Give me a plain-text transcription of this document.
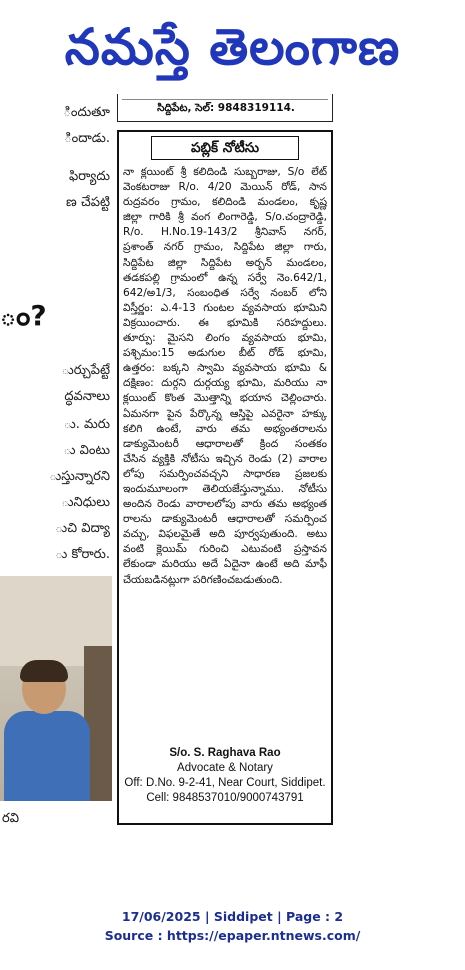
నమస్తే తెలంగాణ
ిందుతూ
ిందాడు.
ఫిర్యాదు
ణ చేపట్టి
ం?
ుర్చుపేట్టే
ద్ధవనాలు
ు. మరు
ు వింటు
ుస్తున్నారని
ునిధులు
ుచి విద్యా
ు కోరారు.
రవి
సిద్దిపేట, సెల్: 9848319114.
పబ్లిక్ నోటీసు
నా క్లయింట్ శ్రీ కలిదిండి సుబ్బరాజు, S/o లేట్
వెంకటరాజు R/o. 4/20 మెయిన్ రోడ్, సాన
రుద్రవరం గ్రామం, కలిదిండి మండలం, కృష్ణ
జిల్లా గారికి శ్రీ వంగ లింగారెడ్డి, S/o.చంద్రారెడ్డి,
R/o. H.No.19-143/2 శ్రీనివాస్ నగర్,
ప్రశాంత్ నగర్ గ్రామం, సిద్దిపేట జిల్లా గారు,
సిద్దిపేట జిల్లా సిద్దిపేట అర్బన్ మండలం,
తడకపల్లి గ్రామంలో ఉన్న సర్వే నెం.642/1,
642/అ1/3, సంబంధిత సర్వే నంబర్ లోని
విస్తీర్ణం: ఎ.4-13 గుంటల వ్యవసాయ భూమిని
విక్రయించారు. ఈ భూమికి సరిహద్దులు.
తూర్పు: మైసని లింగం వ్యవసాయ భూమి,
పశ్చిమం:15 అడుగుల బీట్ రోడ్ భూమి,
ఉత్తరం: బక్కని స్వామి వ్యవసాయ భూమి &
దక్షిణం: దుర్గని దుర్గయ్య భూమి, మరియు నా
క్లయింట్ కొంత మొత్తాన్ని భయాన చెల్లించారు.
ఏమనగా పైన పేర్కొన్న ఆస్తిపై ఎవరైనా హక్కు
కలిగి ఉంటే, వారు తమ అభ్యంతరాలను
డాక్యుమెంటరీ ఆధారాలతో క్రింద సంతకం
చేసిన వ్యక్తికి నోటీసు ఇచ్చిన రెండు (2) వారాల
లోపు సమర్పించవచ్చని సాధారణ ప్రజలకు
ఇందుమూలంగా తెలియజేస్తున్నాము. నోటీసు
అందిన రెండు వారాలలోపు వారు తమ అభ్యంత
రాలను డాక్యుమెంటరీ ఆధారాలతో సమర్పించ
వచ్చు, విఫలమైతే అది పూర్వపుతుంది. అటు
వంటి క్లెయిమ్ గురించి ఎటువంటి ప్రస్తావన
లేకుండా మరియు అదే ఏదైనా ఉంటే అది మాఫీ
చేయబడినట్లుగా పరిగణించబడుతుంది.
S/o. S. Raghava Rao
Advocate & Notary
Off: D.No. 9-2-41, Near Court, Siddipet.
Cell: 9848537010/9000743791
17/06/2025 | Siddipet | Page : 2
Source : https://epaper.ntnews.com/
